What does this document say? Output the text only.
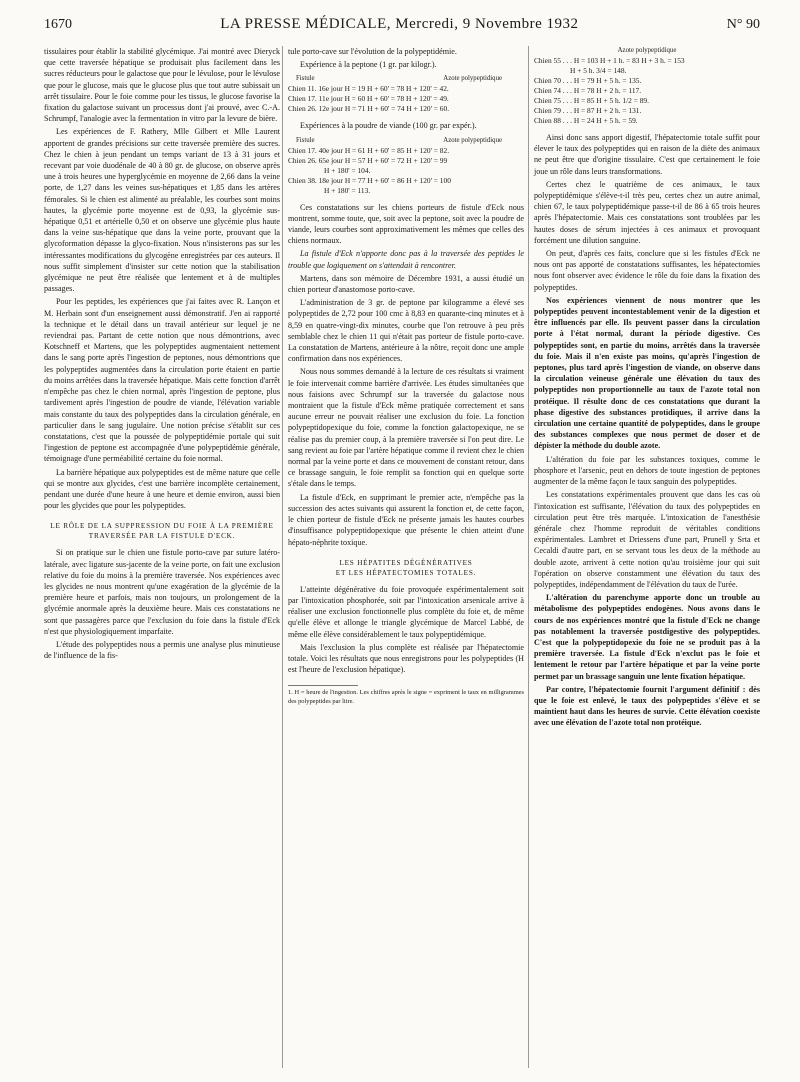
1670	LA PRESSE MÉDICALE, Mercredi, 9 Novembre 1932	N° 90

tissulaires pour établir la stabilité glycémique. J'ai montré avec Dieryck que cette traversée hépatique se produisait plus facilement dans les sucres réducteurs pour le galactose que pour le lévulose, pour le lévulose que pour le glucose, mais que le glucose plus que tout autre subissait un arrêt tissulaire. Pour le foie comme pour les tissus, le glucose favorise la fixation du galactose suivant un processus dont j'ai prouvé, avec C.-A. Schrumpf, l'analogie avec la fermentation in vitro par la levure de bière.

Les expériences de F. Rathery, Mlle Gilbert et Mlle Laurent apportent de grandes précisions sur cette traversée première des sucres. Chez le chien à jeun pendant un temps variant de 13 à 31 jours et recevant par voie duodénale de 40 à 80 gr. de glucose, on observe après une à trois heures une hyperglycémie en moyenne de 2,66 dans la veine porte, de 1,27 dans les veines sus-hépatiques et 1,85 dans les artères fémorales. Si le chien est alimenté au préalable, les courbes sont moins hautes, la glycémie porte moyenne est de 0,93, la glycémie sus-hépatique 0,51 et artérielle 0,50 et on observe une glycémie plus haute dans la veine sus-hépatique que dans la veine porte, prouvant que la glycoformation dépasse la glyco-fixation. Nous n'insisterons pas sur les intéressantes modifications du glycogène enregistrées par ces auteurs. Il nous suffit simplement d'insister sur cette notion que la stabilisation glycémique ne peut être réalisée que lentement et à de multiples passages.

Pour les peptides, les expériences que j'ai faites avec R. Lançon et M. Herbain sont d'un enseignement aussi démonstratif. J'en ai rapporté la technique et le détail dans un travail antérieur sur lequel je ne reviendrai pas. Partant de cette notion que nous démontrions, avec Kotschneff et Martens, que les polypeptides augmentaient nettement dans le sang porte après l'ingestion de peptones, nous démontrions que les polypeptides augmentées dans la circulation porte étaient en partie du moins arrêtées dans la traversée hépatique. Mais cette fonction d'arrêt n'empêche pas chez le chien normal, après l'ingestion de peptone, plus tardivement après l'ingestion de poudre de viande, l'élévation variable mais constante du taux des polypeptides dans la circulation générale, en particulier dans le sang jugulaire. Une notion précise s'établit sur ces constatations, c'est que la poussée de polypeptidémie portale qui suit l'ingestion de peptone est accompagnée d'une polypeptidémie générale, témoignage d'une perméabilité certaine du foie normal.

La barrière hépatique aux polypeptides est de même nature que celle qui se montre aux glycides, c'est une barrière incomplète certainement, pendant une durée d'une heure à une heure et demie environ, aussi bien pour les glycides que pour les polypeptides.

LE RÔLE DE LA SUPPRESSION DU FOIE À LA PREMIÈRE TRAVERSÉE PAR LA FISTULE D'ECK.

Si on pratique sur le chien une fistule porto-cave par suture latéro-latérale, avec ligature sus-jacente de la veine porte, on fait une exclusion relative du foie du moins à la première traversée. Nos expériences avec les glycides ne nous montrent qu'une exagération de la glycémie de la première heure et parfois, mais non toujours, un prolongement de la glycémie anormale après la deuxième heure. Mais ces constatations ne sont que passagères parce que l'exclusion du foie dans la fistule d'Eck n'est que physiologiquement imparfaite.

L'étude des polypeptides nous a permis une analyse plus minutieuse de l'influence de la fis-

tule porto-cave sur l'évolution de la polypeptidémie.

Expérience à la peptone (1 gr. par kilogr.).

Fistule	Azote polypeptidique
Chien 11. 16e jour H = 19 H + 60' = 78 H + 120' = 42.
Chien 17. 11e jour H = 60 H + 60' = 78 H + 120' = 49.
Chien 26. 12e jour H = 71 H + 60' = 74 H + 120' = 60.

Expériences à la poudre de viande (100 gr. par expér.).

Fistule	Azote polypeptidique
Chien 17. 40e jour H = 61 H + 60' = 85 H + 120' = 82.
Chien 26. 65e jour H = 57 H + 60' = 72 H + 120' = 99
H + 180' = 104.
Chien 38. 18e jour H = 77 H + 60' = 86 H + 120' = 100
H + 180' = 113.

Ces constatations sur les chiens porteurs de fistule d'Eck nous montrent, somme toute, que, soit avec la peptone, soit avec la poudre de viande, leurs courbes sont approximativement les mêmes que celles des chiens normaux.

La fistule d'Eck n'apporte donc pas à la traversée des peptides le trouble que logiquement on s'attendait à rencontrer.

Martens, dans son mémoire de Décembre 1931, a aussi étudié un chien porteur d'anastomose porto-cave.

L'administration de 3 gr. de peptone par kilogramme a élevé ses polypeptides de 2,72 pour 100 cmc à 8,83 en quarante-cinq minutes et à 8,59 en quatre-vingt-dix minutes, courbe que l'on retrouve à peu près semblable chez le chien 11 qui n'était pas porteur de fistule porto-cave. La constatation de Martens, antérieure à la nôtre, reçoit donc une ample confirmation dans nos expériences.

Nous nous sommes demandé à la lecture de ces résultats si vraiment le foie intervenait comme barrière d'arrivée. Les études simultanées que nous faisions avec Schrumpf sur la traversée du galactose nous montraient que la fistule d'Eck même pratiquée correctement et sans aucune erreur ne pouvait réaliser une exclusion du foie. La fonction polypeptidopexique du foie, comme la fonction galactopexique, ne se réalise pas du premier coup, à la première traversée si l'on peut dire. Le sang revient au foie par l'artère hépatique comme il revient chez le chien normal par la veine porte et dans ce mouvement de constant retour, dans ce brassage sanguin, le foie remplit sa fonction qui en quelque sorte s'étale dans le temps.

La fistule d'Eck, en supprimant le premier acte, n'empêche pas la succession des actes suivants qui assurent la fonction et, de cette façon, le chien porteur de fistule d'Eck ne présente jamais les hautes courbes d'insuffisance polypeptidopexique que présente le chien atteint d'une hépato-néphrite toxique.

LES HÉPATITES DÉGÉNÉRATIVES
ET LES HÉPATECTOMIES TOTALES.

L'atteinte dégénérative du foie provoquée expérimentalement soit par l'intoxication phosphorée, soit par l'intoxication arsenicale arrive à réaliser une exclusion fonctionnelle plus complète du foie et, de même qu'elle élève et allonge le triangle glycémique de Marcel Labbé, de même elle élève considérablement le taux polypeptidémique.

Mais l'exclusion la plus complète est réalisée par l'hépatectomie totale. Voici les résultats que nous enregistrons pour les polypeptides (H est l'heure de l'exclusion hépatique).

1. H = heure de l'ingestion. Les chiffres après le signe = expriment le taux en milligrammes des polypeptides par litre.
Azote polypeptidique
Chien 55 . . . H = 103 H + 1 h. = 83 H + 3 h. = 153
H + 5 h. 3/4 = 148.
Chien 70 . . . H = 79 H + 5 h. = 135.
Chien 74 . . . H = 78 H + 2 h. = 117.
Chien 75 . . . H = 85 H + 5 h. 1/2 = 89.
Chien 79 . . . H = 87 H + 2 h. = 131.
Chien 88 . . . H = 24 H + 5 h. = 59.

Ainsi donc sans apport digestif, l'hépatectomie totale suffit pour élever le taux des polypeptides qui en raison de la diète des animaux ne peut être que d'origine tissulaire. C'est que certainement le foie joue un rôle dans leurs transformations.

Certes chez le quatrième de ces animaux, le taux polypeptidémique s'élève-t-il très peu, certes chez un autre animal, chien 67, le taux polypeptidémique passe-t-il de 86 à 65 trois heures après l'hépatectomie. Mais ces constatations sont troublées par les hautes doses de sérum injectées à ces animaux et provoquant forcément une dilution sanguine.

On peut, d'après ces faits, conclure que si les fistules d'Eck ne nous ont pas apporté de constatations suffisantes, les hépatectomies nous font observer avec évidence le rôle du foie dans la fixation des polypeptides.

Nos expériences viennent de nous montrer que les polypeptides peuvent incontestablement venir de la digestion et être influencés par elle. Ils peuvent passer dans la circulation porte à l'état normal, durant la période digestive. Ces polypeptides sont, en partie du moins, arrêtés dans la traversée du foie. Mais il n'en existe pas moins, qu'après l'ingestion de peptones, plus tard après l'ingestion de viande, on observe dans la circulation veineuse générale une élévation du taux des polypeptides non proportionnelle au taux de l'azote total non protéique. Il résulte donc de ces constatations que durant la phase digestive des substances protidiques, il arrive dans la circulation une certaine quantité de polypeptides, dans le groupe des substances complexes que nous permet de doser et de dépister la méthode du double azote.

L'altération du foie par les substances toxiques, comme le phosphore et l'arsenic, peut en dehors de toute ingestion de peptones augmenter de la même façon le taux sanguin des polypeptides.

Les constatations expérimentales prouvent que dans les cas où l'intoxication est suffisante, l'élévation du taux des polypeptides en circulation peut être très marquée. L'intoxication de l'anesthésie générale chez l'homme reproduit de véritables conditions expérimentales. Lambret et Driessens d'une part, Prunell y Srta et Cecaldi d'autre part, en se servant tous les deux de la méthode au double azote, arrivent à cette notion qu'au troisième jour qui suit l'opération on observe constamment une élévation du taux des polypeptides, indépendamment de l'élévation du taux de l'urée.

L'altération du parenchyme apporte donc un trouble au métabolisme des polypeptides endogènes. Nous avons dans le cours de nos expériences montré que la fistule d'Eck ne change pas notablement la traversée postdigestive des polypeptides. C'est que la polypeptidopexie du foie ne se produit pas à la première traversée. La fistule d'Eck n'exclut pas le foie et lentement le retour par l'artère hépatique et par la veine porte permet par un brassage sanguin une lente fixation hépatique.

Par contre, l'hépatectomie fournit l'argument définitif : dès que le foie est enlevé, le taux des polypeptides s'élève et se maintient haut dans les heures de survie. Cette élévation coexiste avec une élévation de l'azote total non protéique.
